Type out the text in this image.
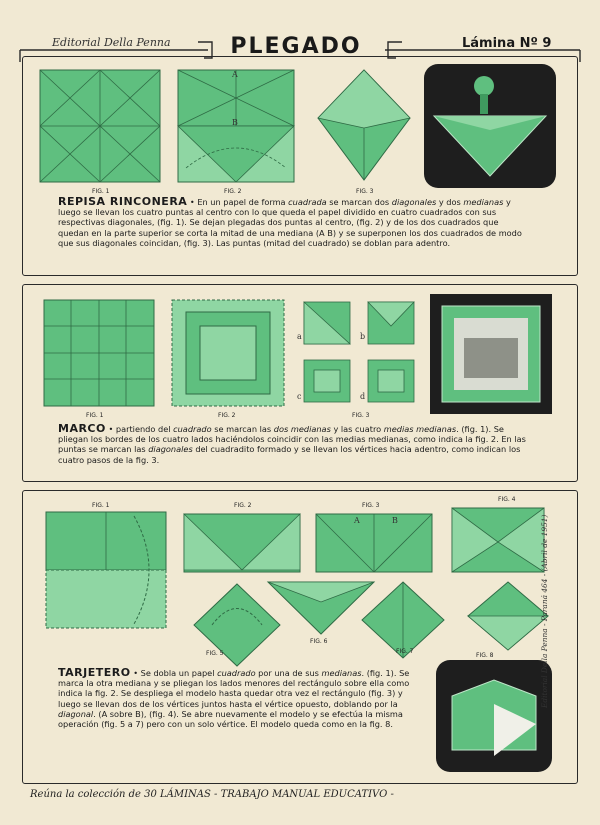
Editorial Della Penna	PLEGADO	Lámina Nº 9
FIG. 1	FIG. 2	FIG. 3
A
B
REPISA RINCONERA • En un papel de forma cuadrada se marcan dos diagonales y dos medianas y luego se llevan los cuatro puntas al centro con lo que queda el papel dividido en cuatro cuadrados con sus respectivas diagonales, (fig. 1). Se dejan plegadas dos puntas al centro, (fig. 2) y de los dos cuadrados que quedan en la parte superior se corta la mitad de una mediana (A B) y se superponen los dos cuadrados de modo que sus diagonales coincidan, (fig. 3). Las puntas (mitad del cuadrado) se doblan para adentro.
a	b
c	d
FIG. 1	FIG. 2	FIG. 3
MARCO • partiendo del cuadrado se marcan las dos medianas y las cuatro medias medianas. (fig. 1). Se pliegan los bordes de los cuatro lados haciéndolos coincidir con las medias medianas, como indica la fig. 2. En las puntas se marcan las diagonales del cuadradito formado y se llevan los vértices hacia adentro, como indican los cuatro pasos de la fig. 3.
FIG. 1	FIG. 2	FIG. 3
FIG. 4
FIG. 5
FIG. 6
FIG. 7
FIG. 8
A	B
TARJETERO • Se dobla un papel cuadrado por una de sus medianas. (fig. 1). Se marca la otra mediana y se pliegan los lados menores del rectángulo sobre ella como indica la fig. 2. Se despliega el modelo hasta quedar otra vez el rectángulo (fig. 3) y luego se llevan dos de los vértices juntos hasta el vértice opuesto, doblando por la diagonal. (A sobre B), (fig. 4). Se abre nuevamente el modelo y se efectúa la misma operación (fig. 5 a 7) pero con un solo vértice. El modelo queda como en la fig. 8.
Editorial Della Penna - Paraná 464 - (Abril de 1951)
Reúna la colección de 30 LÁMINAS - TRABAJO MANUAL EDUCATIVO -
